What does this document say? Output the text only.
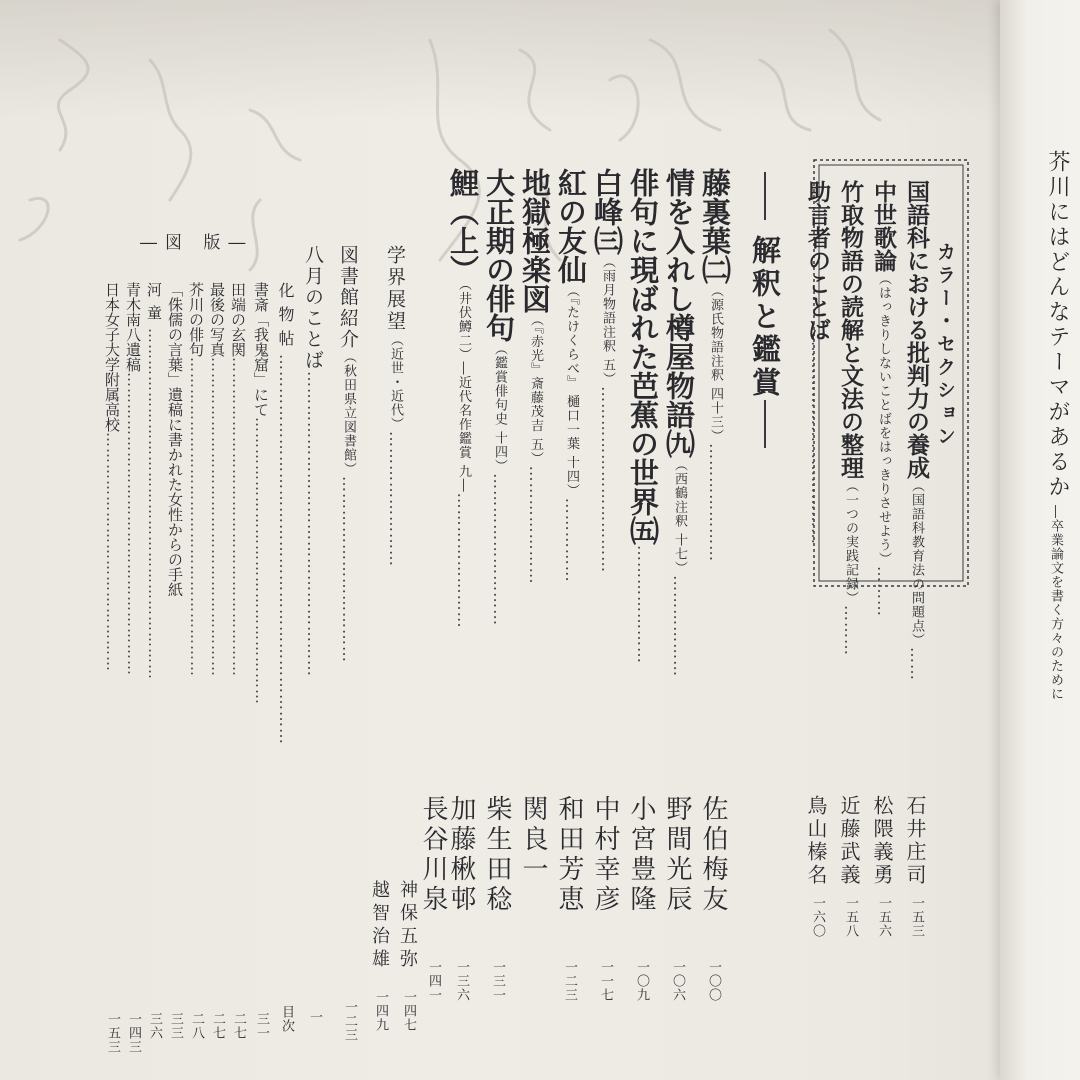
芥川にはどんなテーマがあるか
―卒業論文を書く方々のために
カラー・セクション
国語科における批判力の養成（国語科教育法の問題点）……
石井庄司
一五三
中世歌論（はっきりしないことばをはっきりさせよう）………
松隈義勇
一五六
竹取物語の読解と文法の整理（一つの実践記録）………
近藤武義
一五八
助言者のことば………………………………
鳥山榛名
一六〇
解釈と鑑賞
藤裏葉㈡（源氏物語注釈 四十三）…………………
佐伯梅友
一〇〇
情を入れし樽屋物語㈨（西鶴注釈 十七）………………
野間光辰
一〇六
俳句に現ばれた芭蕉の世界㈤…………………
小宮豊隆
一〇九
白峰㈢（雨月物語注釈 五）……………………………
中村幸彦
一一七
紅の友仙（『たけくらべ』 樋口一葉 十四）……………
和田芳恵
一二三
地獄極楽図（『赤光』斎藤茂吉 五）…………………
関良一
大正期の俳句（鑑賞俳句史 十四）………………………
柴生田稔
一三一
鯉（上）（井伏鱒二）―近代名作鑑賞 九―……………………
加藤楸邨
一三六
長谷川泉
一四一
学界展望（近世・近代）……………………
神保五弥
一四七
越智治雄
一四九
図書館紹介（秋田県立図書館）……………………………
一二三
八月のことば………………………………………………
一
―図 版―
化物帖……………………………………………………………
目次
書斎「我鬼窟」にて………………………………………………
三一
田端の玄関……………………………………………………
二七
最後の写真……………………………………………………
二七
芥川の俳句……………………………………………………
二八
「侏儒の言葉」遺稿に書かれた女性からの手紙
三三
河童…………………………………………………………
三六
青木南八遺稿…………………………………………………
一四三
日本女子大学附属高校………………………………………
一五三
